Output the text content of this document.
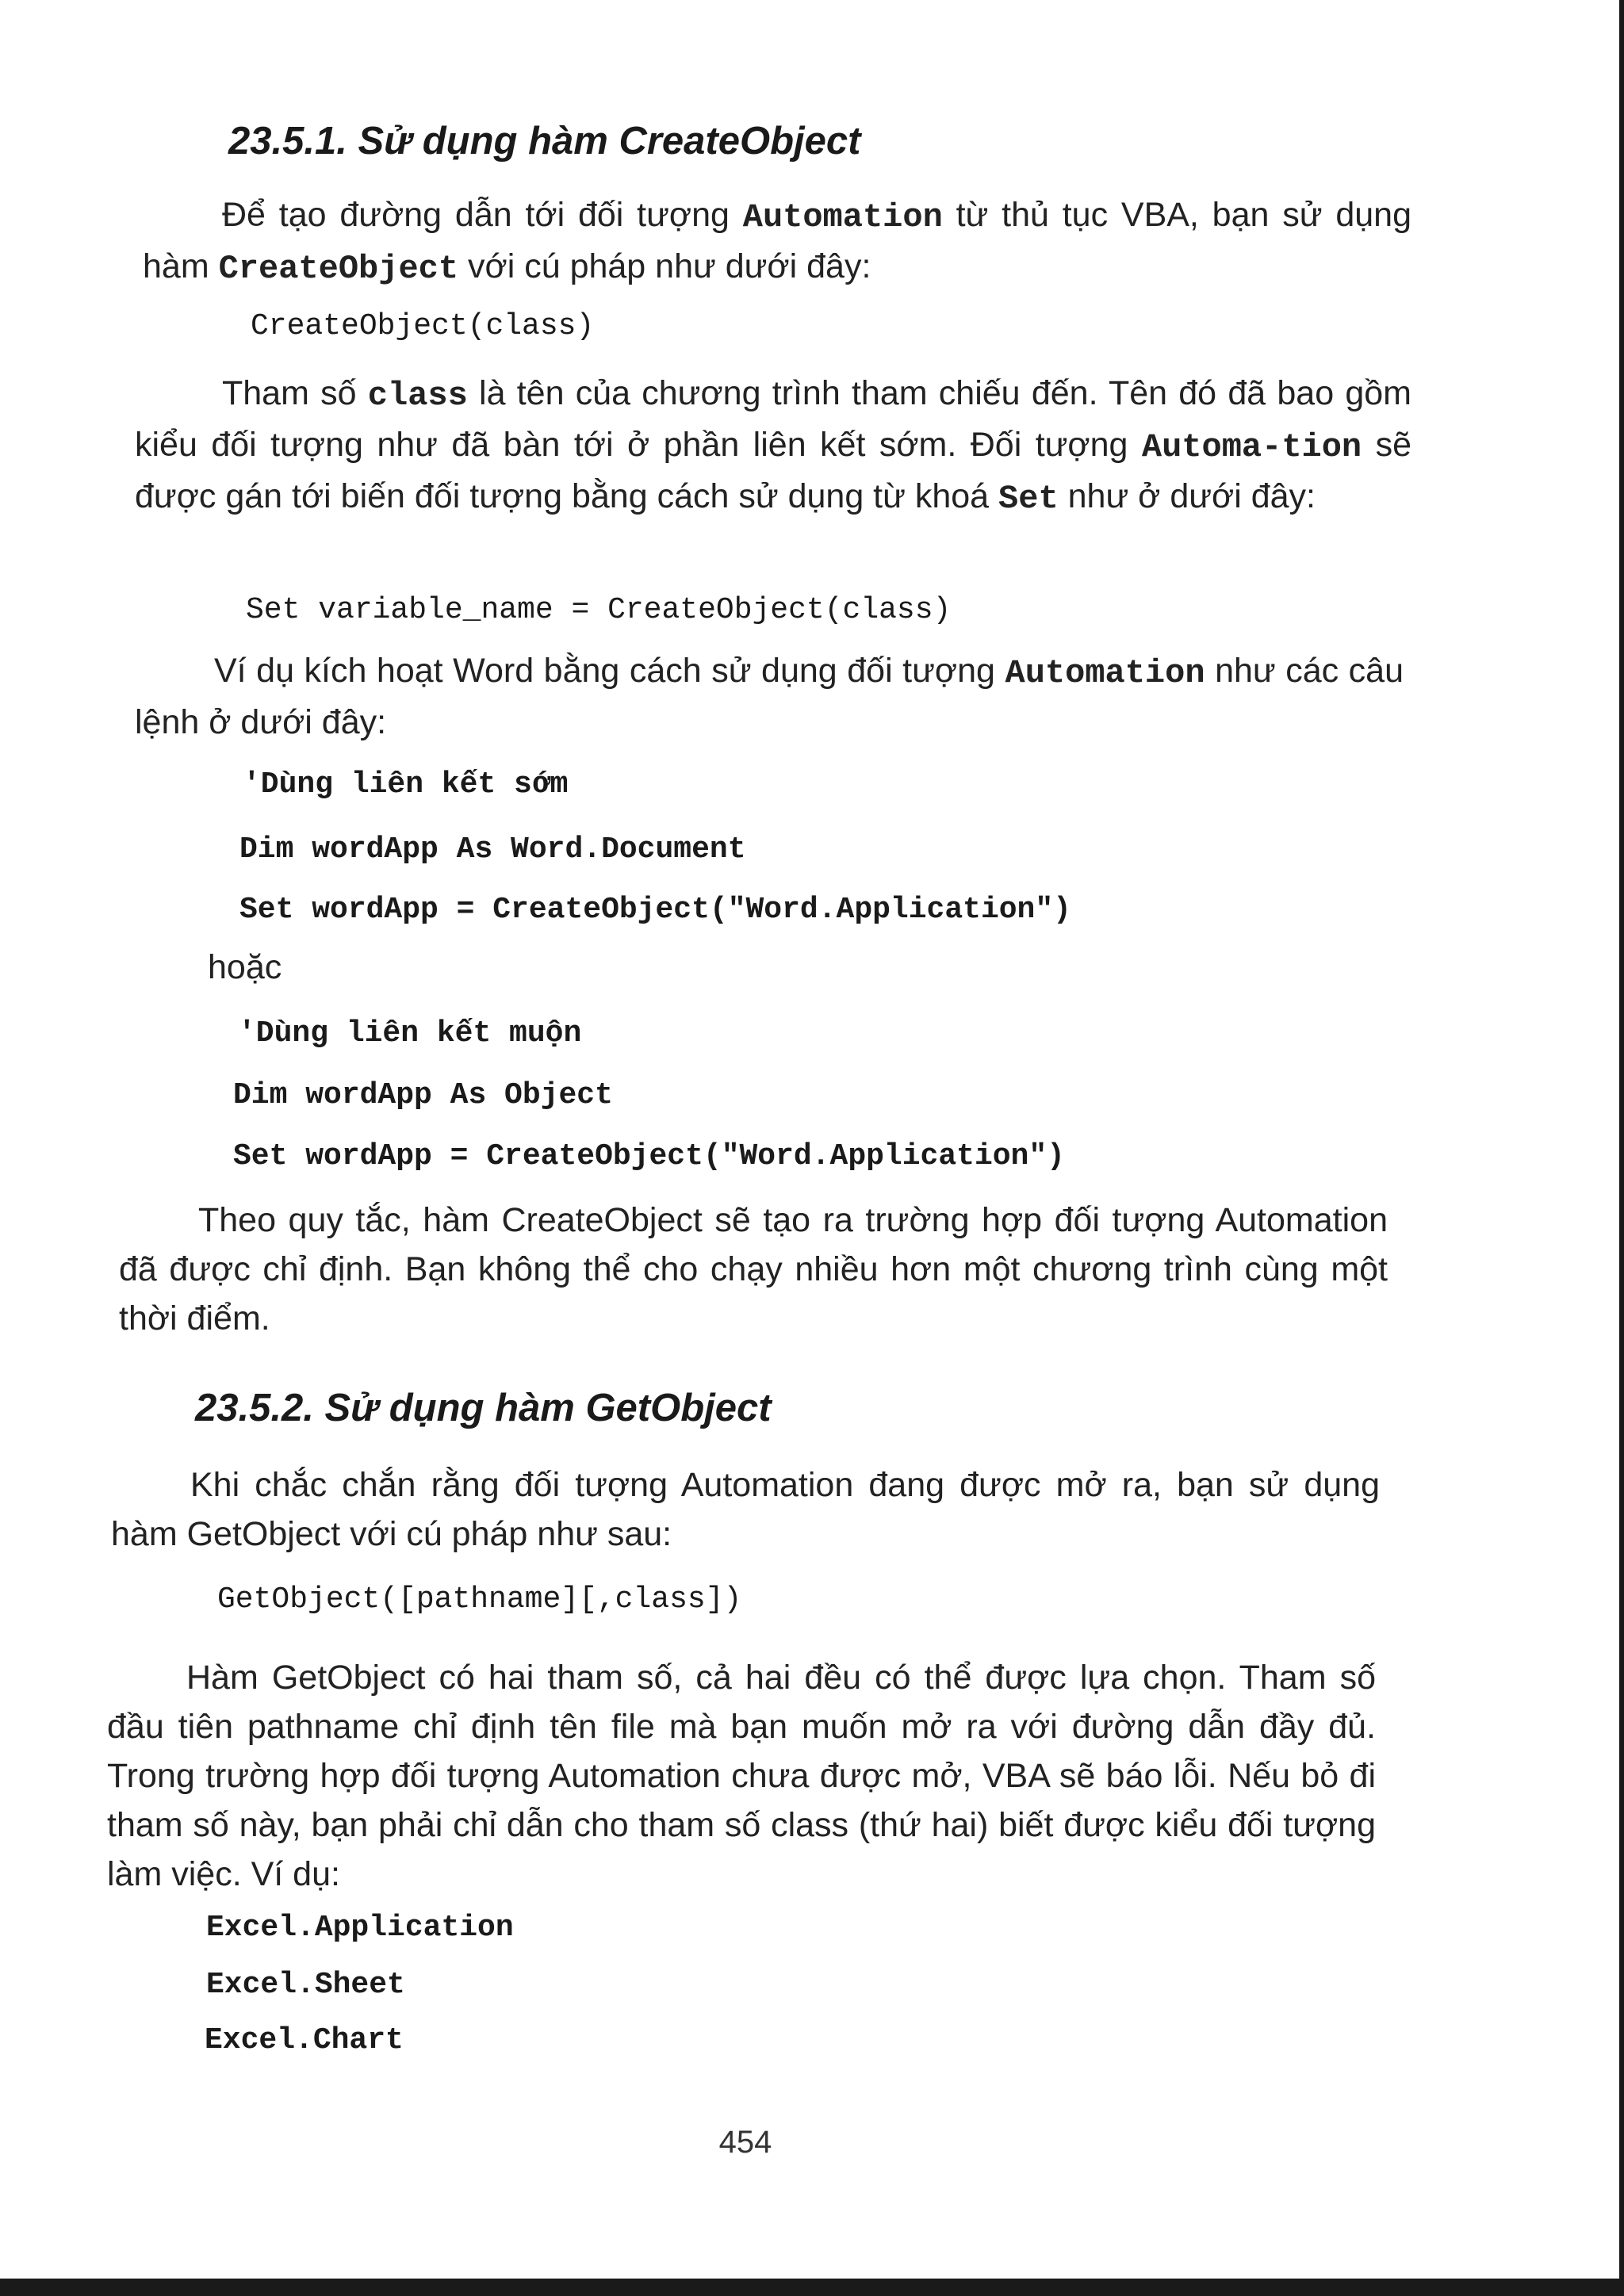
23.5.1. Sử dụng hàm CreateObject

Để tạo đường dẫn tới đối tượng Automation từ thủ tục VBA, bạn sử dụng hàm CreateObject với cú pháp như dưới đây:

CreateObject(class)

Tham số class là tên của chương trình tham chiếu đến. Tên đó đã bao gồm kiểu đối tượng như đã bàn tới ở phần liên kết sớm. Đối tượng Automa-tion sẽ được gán tới biến đối tượng bằng cách sử dụng từ khoá Set như ở dưới đây:

Set variable_name = CreateObject(class)

Ví dụ kích hoạt Word bằng cách sử dụng đối tượng Automation như các câu lệnh ở dưới đây:

'Dùng liên kết sớm
Dim wordApp As Word.Document
Set wordApp = CreateObject("Word.Application")
hoặc
'Dùng liên kết muộn
Dim wordApp As Object
Set wordApp = CreateObject("Word.Application")

Theo quy tắc, hàm CreateObject sẽ tạo ra trường hợp đối tượng Automation đã được chỉ định. Bạn không thể cho chạy nhiều hơn một chương trình cùng một thời điểm.

23.5.2. Sử dụng hàm GetObject

Khi chắc chắn rằng đối tượng Automation đang được mở ra, bạn sử dụng hàm GetObject với cú pháp như sau:

GetObject([pathname][,class])

Hàm GetObject có hai tham số, cả hai đều có thể được lựa chọn. Tham số đầu tiên pathname chỉ định tên file mà bạn muốn mở ra với đường dẫn đầy đủ. Trong trường hợp đối tượng Automation chưa được mở, VBA sẽ báo lỗi. Nếu bỏ đi tham số này, bạn phải chỉ dẫn cho tham số class (thứ hai) biết được kiểu đối tượng làm việc. Ví dụ:

Excel.Application
Excel.Sheet
Excel.Chart
454
